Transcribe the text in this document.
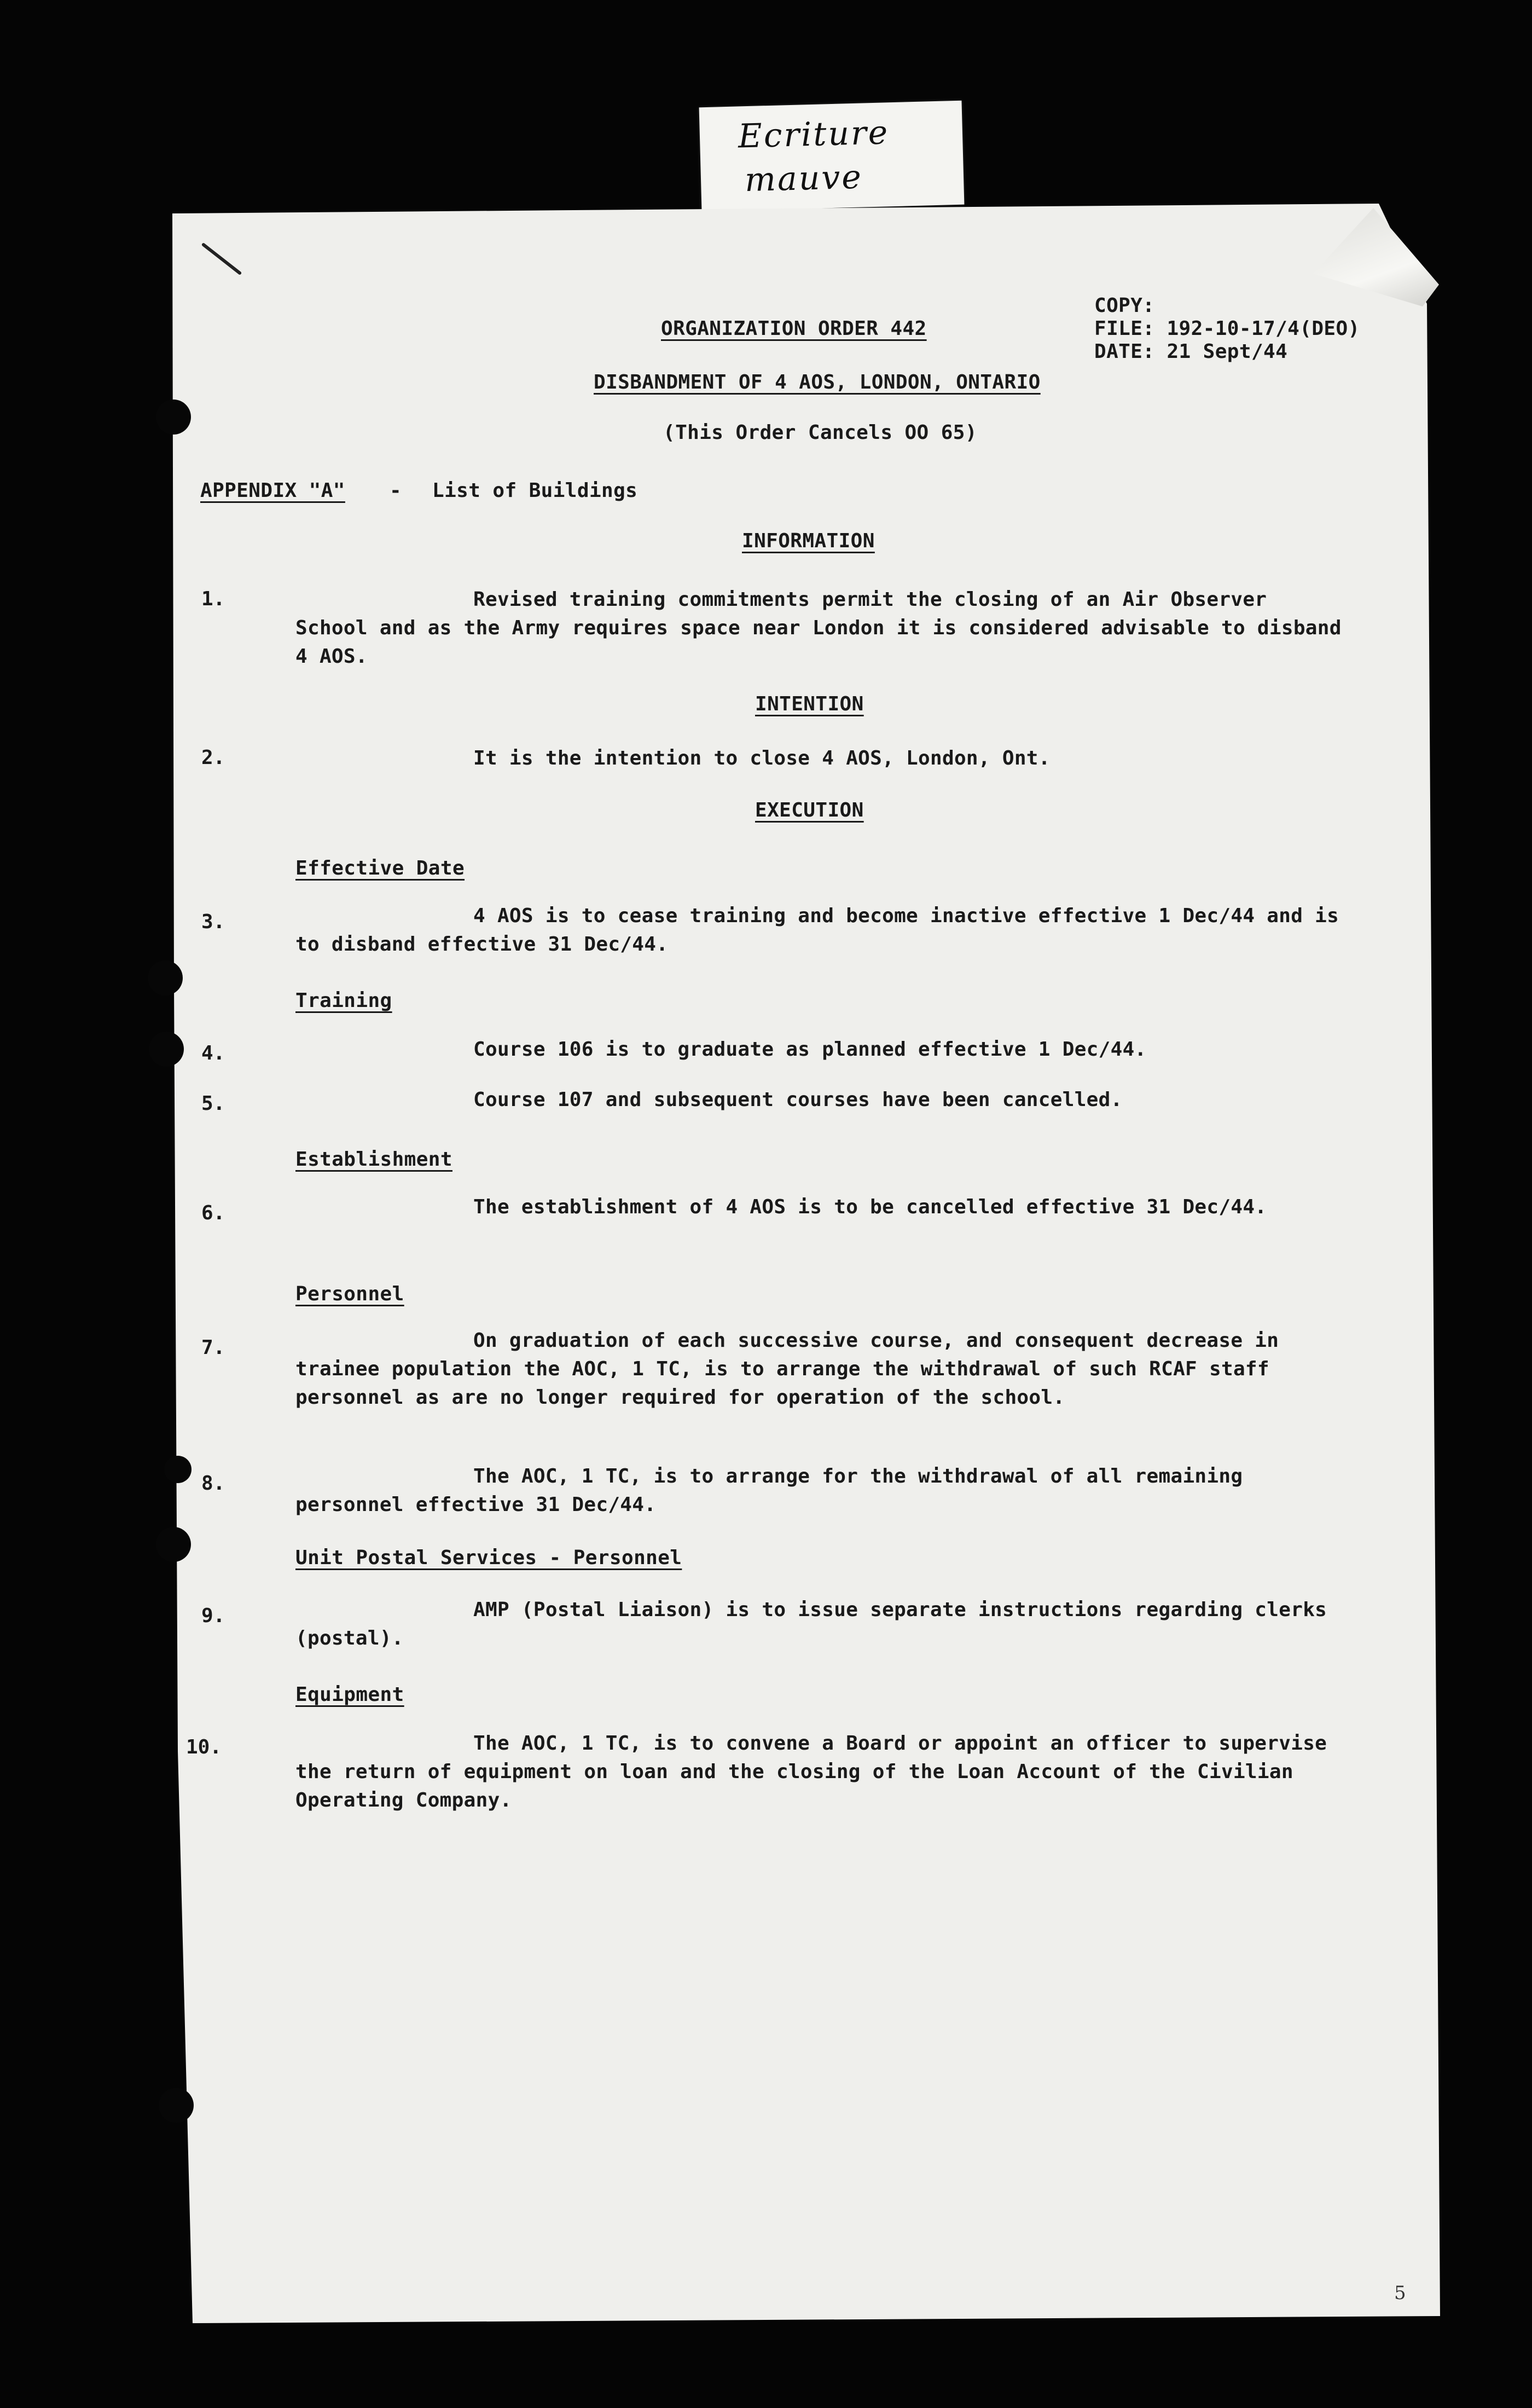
Ecriture
mauve
COPY:
FILE: 192-10-17/4(DEO)
DATE: 21 Sept/44
ORGANIZATION ORDER 442
DISBANDMENT OF 4 AOS, LONDON, ONTARIO
(This Order Cancels OO 65)
APPENDIX "A" - List of Buildings
INFORMATION
1.	Revised training commitments permit the closing of an Air Observer School and as the Army requires space near London it is considered advisable to disband 4 AOS.

INTENTION
2.	It is the intention to close 4 AOS, London, Ont.

EXECUTION
Effective Date
3.	4 AOS is to cease training and become inactive effective 1 Dec/44 and is to disband effective 31 Dec/44.

Training
4.	Course 106 is to graduate as planned effective 1 Dec/44.

5.	Course 107 and subsequent courses have been cancelled.

Establishment
6.	The establishment of 4 AOS is to be cancelled effective 31 Dec/44.

Personnel
7.	On graduation of each successive course, and consequent decrease in trainee population the AOC, 1 TC, is to arrange the withdrawal of such RCAF staff personnel as are no longer required for operation of the school.

8.	The AOC, 1 TC, is to arrange for the withdrawal of all remaining personnel effective 31 Dec/44.

Unit Postal Services - Personnel
9.	AMP (Postal Liaison) is to issue separate instructions regarding clerks (postal).

Equipment
10.	The AOC, 1 TC, is to convene a Board or appoint an officer to supervise the return of equipment on loan and the closing of the Loan Account of the Civilian Operating Company.

5
